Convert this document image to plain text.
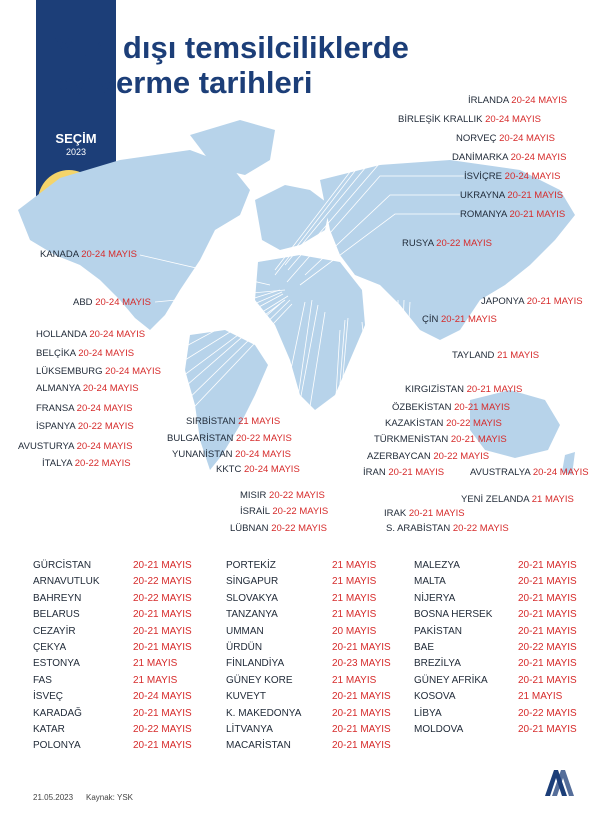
Yurt dışı temsilciliklerde
oy verme tarihleri
SEÇİM
2023
İRLANDA 20-24 MAYIS
BİRLEŞİK KRALLIK 20-24 MAYIS
NORVEÇ 20-24 MAYIS
DANİMARKA 20-24 MAYIS
İSVİÇRE 20-24 MAYIS
UKRAYNA 20-21 MAYIS
ROMANYA 20-21 MAYIS
RUSYA 20-22 MAYIS
KANADA 20-24 MAYIS
ABD 20-24 MAYIS	JAPONYA 20-21 MAYIS
ÇİN 20-21 MAYIS
HOLLANDA 20-24 MAYIS
BELÇİKA 20-24 MAYIS	TAYLAND 21 MAYIS
LÜKSEMBURG 20-24 MAYIS
ALMANYA 20-24 MAYIS	KIRGIZİSTAN 20-21 MAYIS
FRANSA 20-24 MAYIS	ÖZBEKİSTAN 20-21 MAYIS
SIRBİSTAN 21 MAYIS	KAZAKİSTAN 20-22 MAYIS
İSPANYA 20-22 MAYIS
BULGARİSTAN 20-22 MAYIS	TÜRKMENİSTAN 20-21 MAYIS
AVUSTURYA 20-24 MAYIS
YUNANİSTAN 20-24 MAYIS	AZERBAYCAN 20-22 MAYIS
İTALYA 20-22 MAYIS
KKTC 20-24 MAYIS	İRAN 20-21 MAYIS	AVUSTRALYA 20-24 MAYIS
MISIR 20-22 MAYIS	YENİ ZELANDA 21 MAYIS
İSRAİL 20-22 MAYIS	IRAK 20-21 MAYIS
LÜBNAN 20-22 MAYIS	S. ARABİSTAN 20-22 MAYIS
GÜRCİSTAN	20-21 MAYIS
ARNAVUTLUK	20-22 MAYIS
BAHREYN	20-22 MAYIS
BELARUS	20-21 MAYIS
CEZAYİR	20-21 MAYIS
ÇEKYA	20-21 MAYIS
ESTONYA	21 MAYIS
FAS	21 MAYIS
İSVEÇ	20-24 MAYIS
KARADAĞ	20-21 MAYIS
KATAR	20-22 MAYIS
POLONYA	20-21 MAYIS
PORTEKİZ	21 MAYIS
SİNGAPUR	21 MAYIS
SLOVAKYA	21 MAYIS
TANZANYA	21 MAYIS
UMMAN	20 MAYIS
ÜRDÜN	20-21 MAYIS
FİNLANDİYA	20-23 MAYIS
GÜNEY KORE	21 MAYIS
KUVEYT	20-21 MAYIS
K. MAKEDONYA	20-21 MAYIS
LİTVANYA	20-21 MAYIS
MACARİSTAN	20-21 MAYIS
MALEZYA	20-21 MAYIS
MALTA	20-21 MAYIS
NİJERYA	20-21 MAYIS
BOSNA HERSEK	20-21 MAYIS
PAKİSTAN	20-21 MAYIS
BAE	20-22 MAYIS
BREZİLYA	20-21 MAYIS
GÜNEY AFRİKA	20-21 MAYIS
KOSOVA	21 MAYIS
LİBYA	20-22 MAYIS
MOLDOVA	20-21 MAYIS
21.05.2023 Kaynak: YSK
